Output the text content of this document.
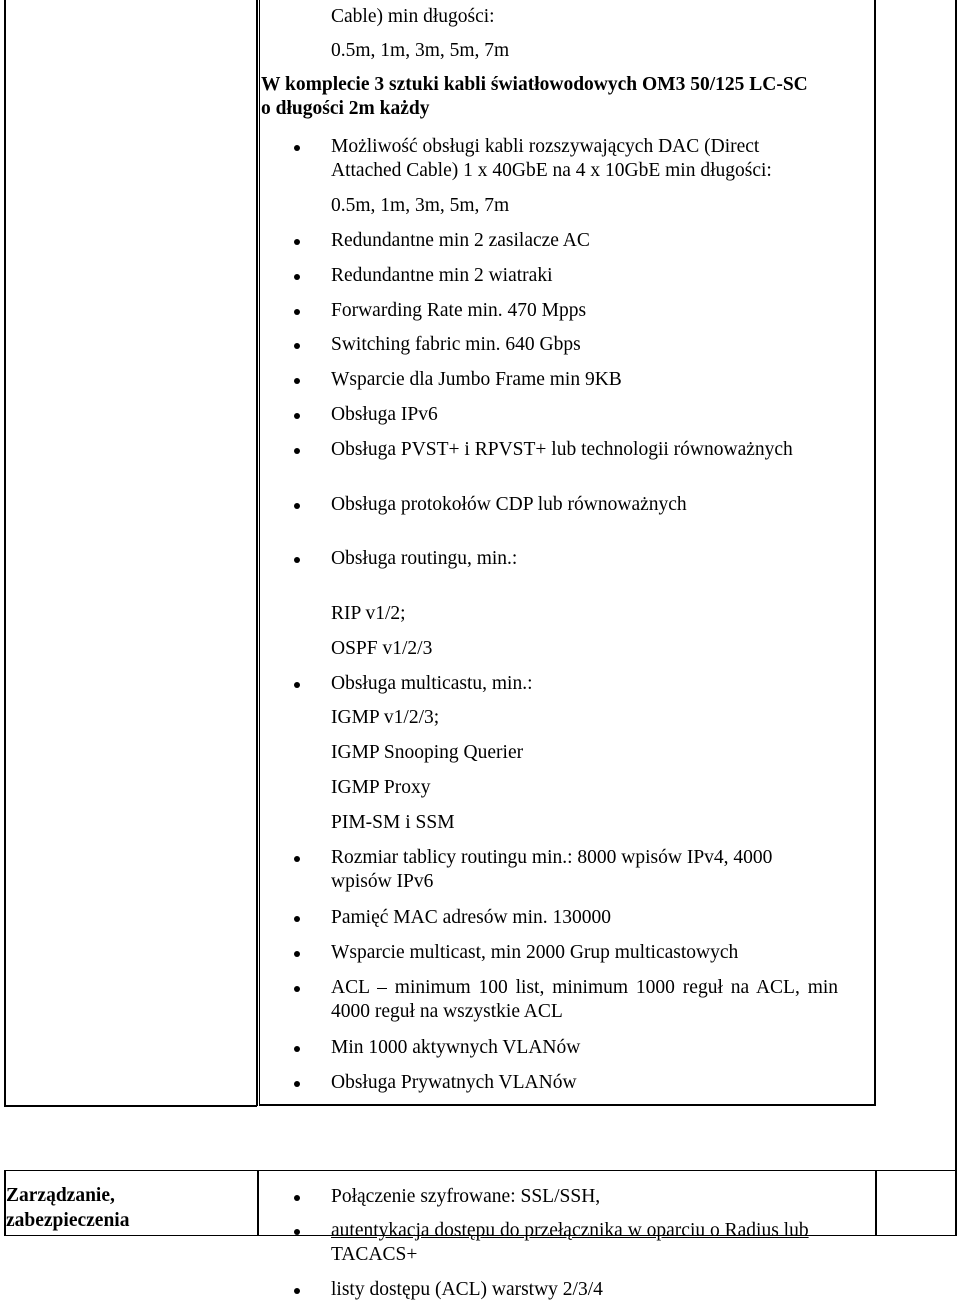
Cable) min długości:
0.5m, 1m, 3m, 5m, 7m
W komplecie 3 sztuki kabli światłowodowych OM3 50/125 LC-SC
o długości 2m każdy
Możliwość obsługi kabli rozszywających DAC (Direct
Attached Cable) 1 x 40GbE na 4 x 10GbE min długości:
0.5m, 1m, 3m, 5m, 7m
Redundantne min 2 zasilacze AC
Redundantne min 2 wiatraki
Forwarding Rate min. 470 Mpps
Switching fabric min. 640 Gbps
Wsparcie dla Jumbo Frame min 9KB
Obsługa IPv6
Obsługa PVST+ i RPVST+ lub technologii równoważnych
Obsługa protokołów CDP lub równoważnych
Obsługa routingu, min.:
RIP v1/2;
OSPF v1/2/3
Obsługa multicastu, min.:
IGMP v1/2/3;
IGMP Snooping Querier
IGMP Proxy
PIM-SM i SSM
Rozmiar tablicy routingu min.: 8000 wpisów IPv4, 4000
wpisów IPv6
Pamięć MAC adresów min. 130000
Wsparcie multicast, min 2000 Grup multicastowych
ACL – minimum 100 list, minimum 1000 reguł na ACL, min
4000 reguł na wszystkie ACL
Min 1000 aktywnych VLANów
Obsługa Prywatnych VLANów
Zarządzanie,
zabezpieczenia
Połączenie szyfrowane: SSL/SSH,
autentykacja dostępu do przełącznika w oparciu o Radius lub
TACACS+
listy dostępu (ACL) warstwy 2/3/4
